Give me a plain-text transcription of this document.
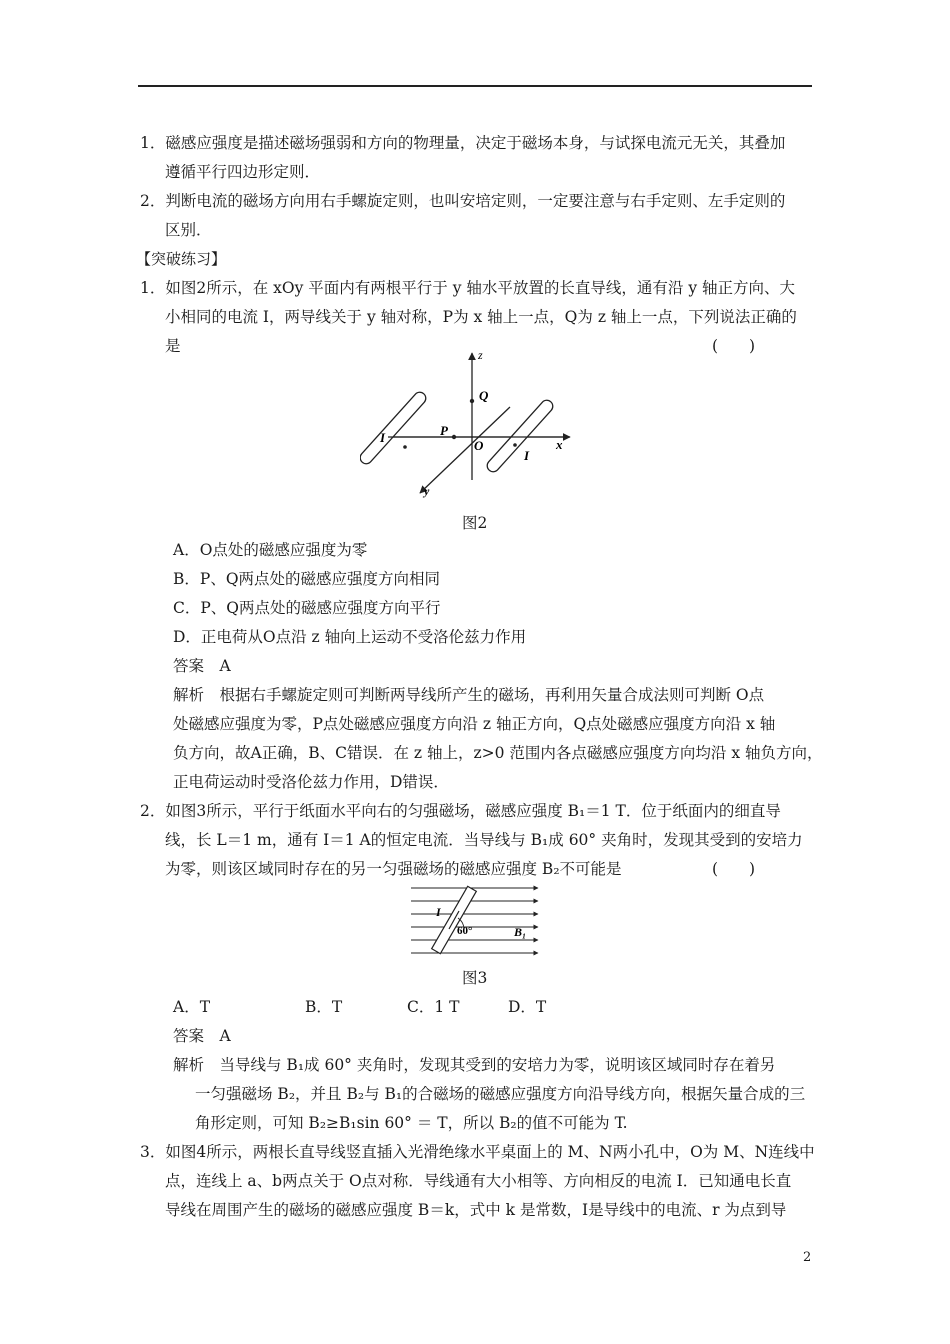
1．磁感应强度是描述磁场强弱和方向的物理量，决定于磁场本身，与试探电流元无关，其叠加
遵循平行四边形定则．
2．判断电流的磁场方向用右手螺旋定则，也叫安培定则，一定要注意与右手定则、左手定则的
区别．
【突破练习】
1．如图2所示，在 xOy 平面内有两根平行于 y 轴水平放置的长直导线，通有沿 y 轴正方向、大
小相同的电流 I，两导线关于 y 轴对称，P为 x 轴上一点，Q为 z 轴上一点，下列说法正确的
是	(　　)
z
Q
I	P
O	x
I
y
图2
A．O点处的磁感应强度为零
B．P、Q两点处的磁感应强度方向相同
C．P、Q两点处的磁感应强度方向平行
D．正电荷从O点沿 z 轴向上运动不受洛伦兹力作用
答案　A
解析　根据右手螺旋定则可判断两导线所产生的磁场，再利用矢量合成法则可判断 O点
处磁感应强度为零，P点处磁感应强度方向沿 z 轴正方向，Q点处磁感应强度方向沿 x 轴
负方向，故A正确，B、C错误．在 z 轴上，z>0 范围内各点磁感应强度方向均沿 x 轴负方向，
正电荷运动时受洛伦兹力作用，D错误．
2．如图3所示，平行于纸面水平向右的匀强磁场，磁感应强度 B₁＝1 T．位于纸面内的细直导
线，长 L＝1 m，通有 I＝1 A的恒定电流．当导线与 B₁成 60° 夹角时，发现其受到的安培力
为零，则该区域同时存在的另一匀强磁场的磁感应强度 B₂不可能是	(　　)
I
60°	B₁
图3
A．T	B．T	C．1 T	D．T
答案　A
解析　当导线与 B₁成 60° 夹角时，发现其受到的安培力为零，说明该区域同时存在着另
一匀强磁场 B₂，并且 B₂与 B₁的合磁场的磁感应强度方向沿导线方向，根据矢量合成的三
角形定则，可知 B₂≥B₁sin 60° ＝ T，所以 B₂的值不可能为 T.
3．如图4所示，两根长直导线竖直插入光滑绝缘水平桌面上的 M、N两小孔中，O为 M、N连线中
点，连线上 a、b两点关于 O点对称．导线通有大小相等、方向相反的电流 I．已知通电长直
导线在周围产生的磁场的磁感应强度 B＝k，式中 k 是常数，I是导线中的电流、r 为点到导
2
